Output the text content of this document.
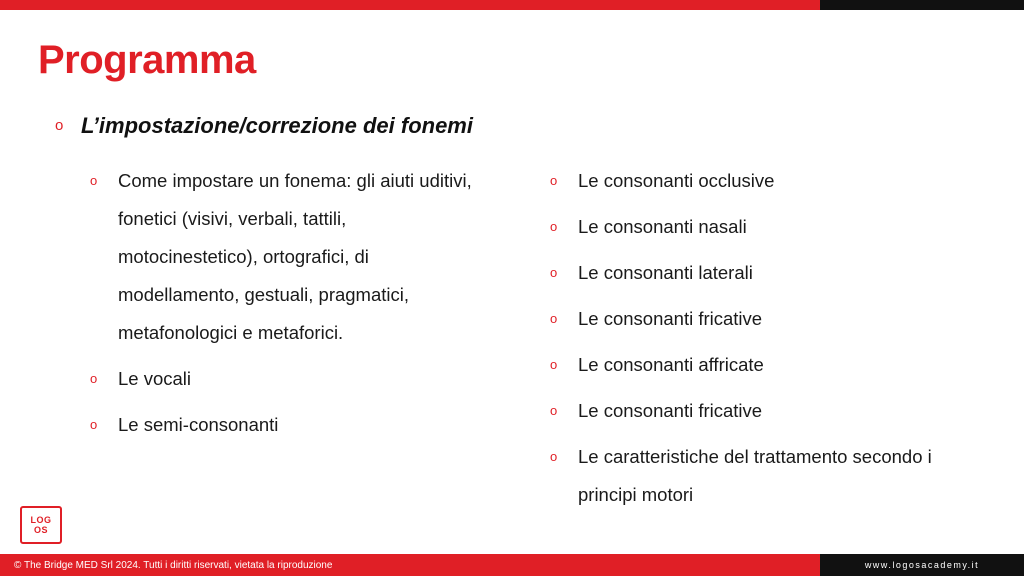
Programma
o L’impostazione/correzione dei fonemi
o	Come impostare un fonema: gli aiuti uditivi, fonetici (visivi, verbali, tattili, motocinestetico), ortografici, di modellamento, gestuali, pragmatici, metafonologici e metaforici.
o	Le vocali
o	Le semi-consonanti
o	Le consonanti occlusive
o	Le consonanti nasali
o	Le consonanti laterali
o	Le consonanti fricative
o	Le consonanti affricate
o	Le consonanti fricative
o	Le caratteristiche del trattamento secondo i principi motori
LOG
OS
© The Bridge MED Srl 2024. Tutti i diritti riservati, vietata la riproduzione	www.logosacademy.it
